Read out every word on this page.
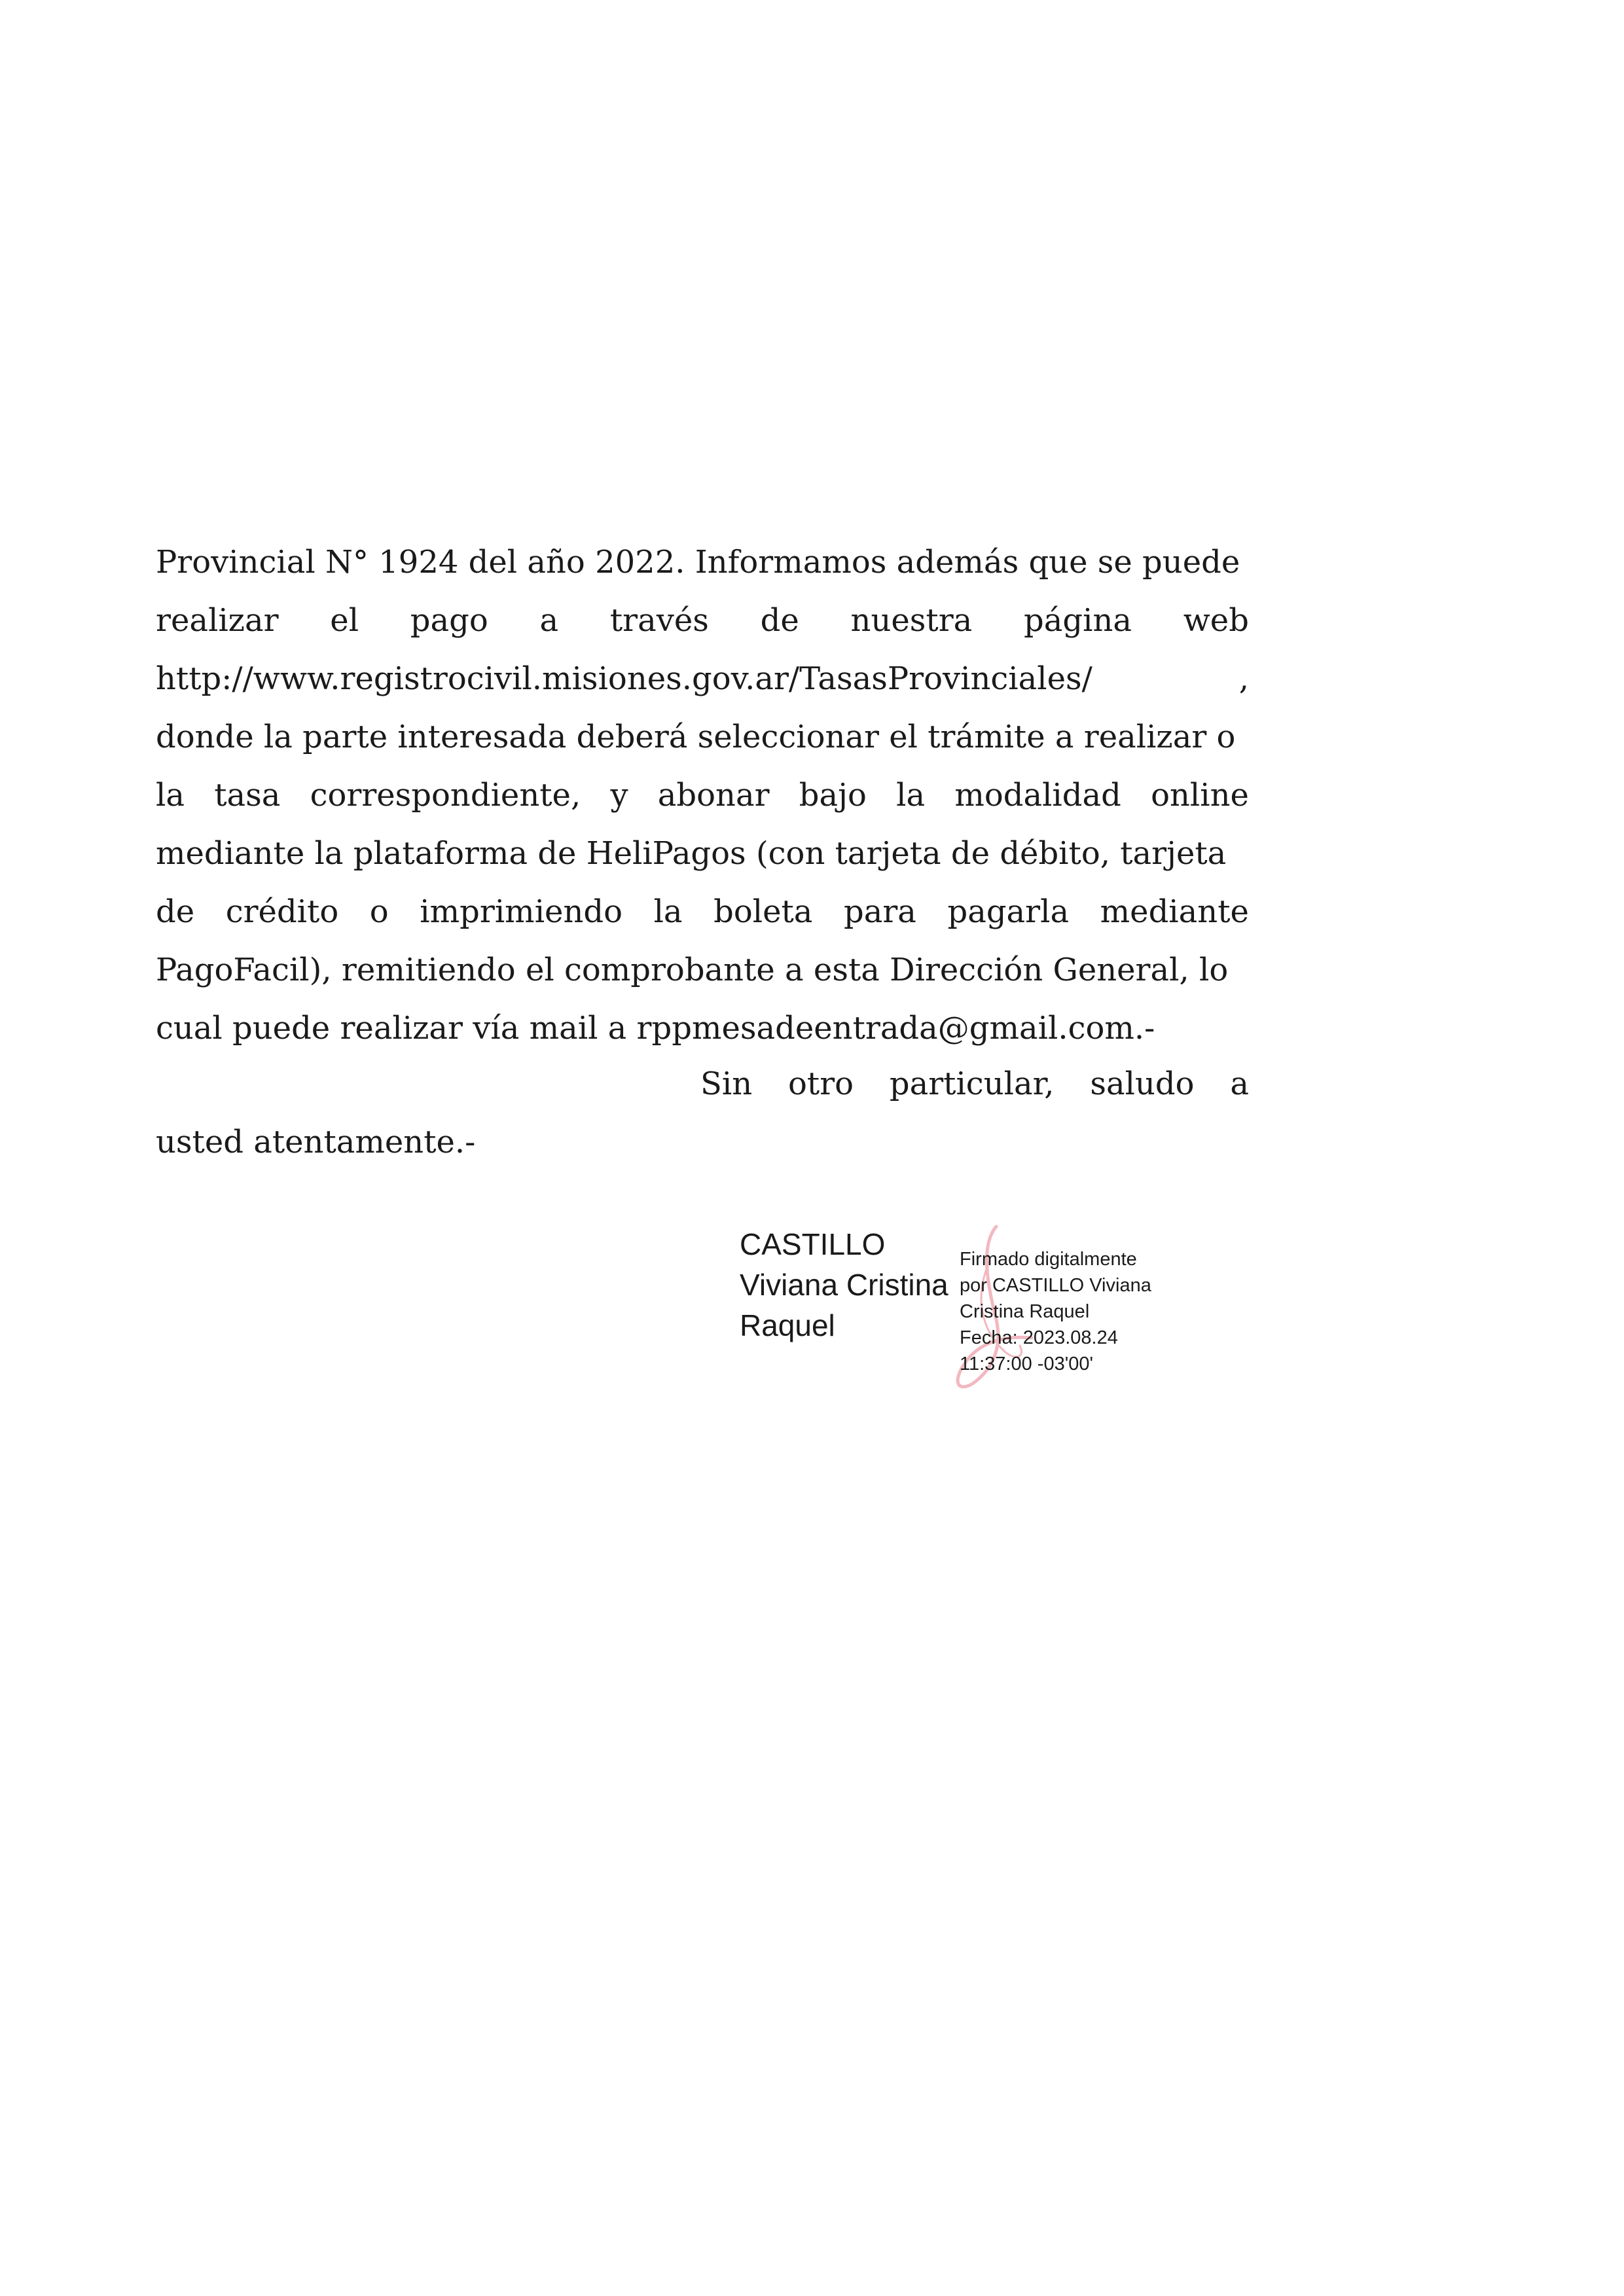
Provincial N° 1924 del año 2022. Informamos además que se puede
realizar el pago a través de nuestra página web
http://www.registrocivil.misiones.gov.ar/TasasProvinciales/	,
donde la parte interesada deberá seleccionar el trámite a realizar o
la tasa correspondiente, y abonar bajo la modalidad online
mediante la plataforma de HeliPagos (con tarjeta de débito, tarjeta
de crédito o imprimiendo la boleta para pagarla mediante
PagoFacil), remitiendo el comprobante a esta Dirección General, lo
cual puede realizar vía mail a rppmesadeentrada@gmail.com.-
Sin otro particular, saludo a
usted atentamente.-
CASTILLO
Viviana Cristina
Raquel
Firmado digitalmente
por CASTILLO Viviana
Cristina Raquel
Fecha: 2023.08.24
11:37:00 -03'00'
